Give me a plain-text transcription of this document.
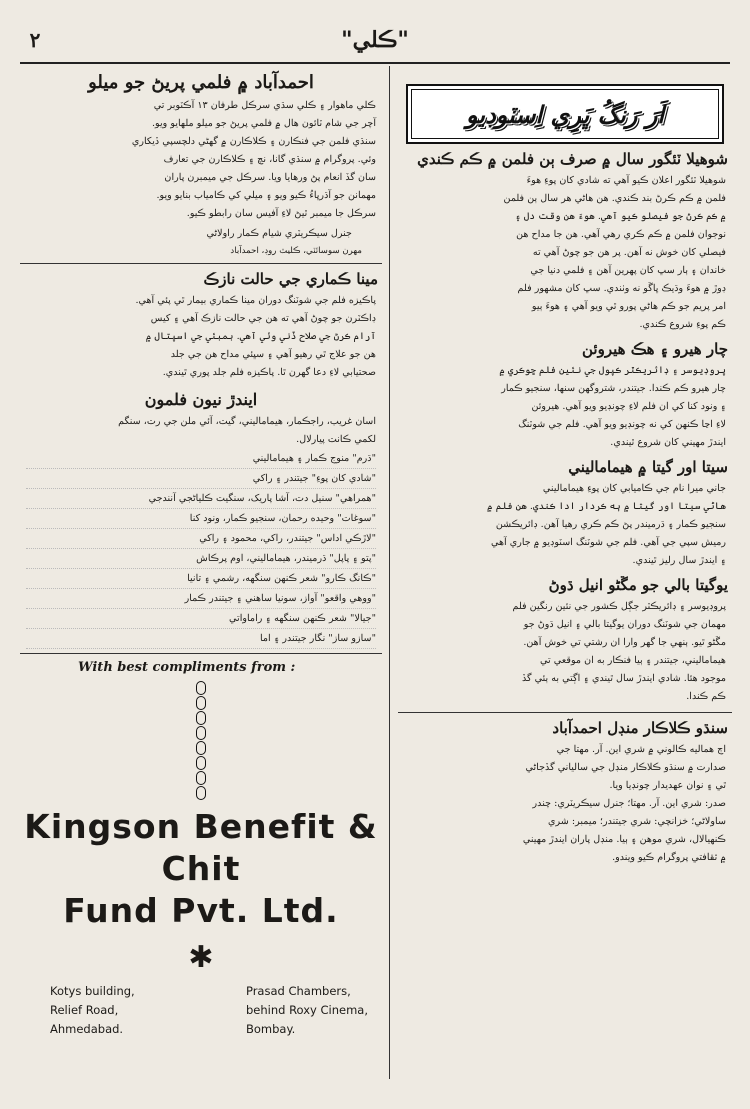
٢	"ڪلي"
اَرَ رَنگُ ڀَرِي اِسٽوڊيو
شوهيلا ٽئگور سال ۾ صرف ٻن فلمن ۾ ڪم ڪندي
شوهيلا ٽئگور اعلان ڪيو آهي ته شادي کان پوءِ هوءَ
فلمن ۾ ڪم ڪرڻ بند ڪندي. هن هاڻي هر سال ٻن فلمن
۾ ڪم ڪرڻ جو فيصلو ڪيو آهي. هوءَ هن وقت دل ۽
نوجوان فلمن ۾ ڪم ڪري رهي آهي. هن جا مداح هن
فيصلي کان خوش نه آهن. پر هن جو چوڻ آهي ته
خاندان ۽ ٻار سڀ کان پهرين آهن ۽ فلمي دنيا جي
ڊوڙ ۾ هوءَ وڌيڪ ڀاڱو نه وٺندي. سڀ کان مشهور فلم
امر پريم جو ڪم هاڻي پورو ٿي ويو آهي ۽ هوءَ ٻيو
ڪم پوءِ شروع ڪندي.
چار هيرو ۽ هڪ هيروئن
پروڊيوسر ۽ ڊائريڪٽر ڪپول جي نئين فلم ڇوڪري ۾
چار هيرو ڪم ڪندا. جيتندر، شتروگهن سنها، سنجيو ڪمار
۽ ونود کنا کي ان فلم لاءِ چونڊيو ويو آهي. هيروئن
لاءِ اڃا ڪنهن کي نه چونڊيو ويو آهي. فلم جي شوٽنگ
ايندڙ مهيني کان شروع ٿيندي.
سيتا اور گيتا ۾ هيماماليني
جاني ميرا نام جي ڪاميابي کان پوءِ هيماماليني
هاڻي سيتا اور گيتا ۾ ٻه ڪردار ادا ڪندي. هن فلم ۾
سنجيو ڪمار ۽ ڌرميندر پڻ ڪم ڪري رهيا آهن. ڊائريڪشن
رميش سپي جي آهي. فلم جي شوٽنگ اسٽوڊيو ۾ جاري آهي
۽ ايندڙ سال رليز ٿيندي.
يوگيتا بالي جو مڱڻو انيل ڌوڻ
پروڊيوسر ۽ ڊائريڪٽر جڳل ڪشور جي نئين رنگين فلم
مهمان جي شوٽنگ دوران يوگيتا بالي ۽ انيل ڌوڻ جو
مڱڻو ٿيو. ٻنهي جا گهر وارا ان رشتي تي خوش آهن.
هيماماليني، جيتندر ۽ ٻيا فنڪار به ان موقعي تي
موجود هئا. شادي ايندڙ سال ٿيندي ۽ اڳتي به ٻئي گڏ
ڪم ڪندا.
سنڌو ڪلاڪار منڊل احمدآباد
اڄ هماليه ڪالوني ۾ شري اين. آر. مهتا جي
صدارت ۾ سنڌو ڪلاڪار منڊل جي سالياني گڏجاڻي
ٿي ۽ نوان عهديدار چونڊيا ويا.
صدر: شري اين. آر. مهتا؛ جنرل سيڪريٽري: چندر
ساولاڻي؛ خزانچي: شري جيتندر؛ ميمبر: شري
ڪنهيالال، شري موهن ۽ ٻيا. منڊل پاران ايندڙ مهيني
۾ ثقافتي پروگرام ڪيو ويندو.
احمدآباد ۾ فلمي پريڻ جو ميلو
ڪلي ماهوار ۽ ڪلي سڌي سرڪل طرفان ١٣ آڪٽوبر تي
آچر جي شام ٽائون هال ۾ فلمي پريڻ جو ميلو ملهايو ويو.
سنڌي فلمن جي فنڪارن ۽ ڪلاڪارن ۾ گهڻي دلچسپي ڏيکاري
وئي. پروگرام ۾ سنڌي گانا، نچ ۽ ڪلاڪارن جي تعارف
سان گڏ انعام پڻ ورهايا ويا. سرڪل جي ميمبرن پاران
مهمانن جو آڌرڀاءُ ڪيو ويو ۽ ميلي کي ڪامياب بنايو ويو.
سرڪل جا ميمبر ٿيڻ لاءِ آفيس سان رابطو ڪيو.
جنرل سيڪريٽري شيام ڪمار راولاڻي
مهرن سوسائٽي، ڪليٽ روڊ، احمدآباد
مينا ڪماري جي حالت نازڪ
پاڪيزه فلم جي شوٽنگ دوران مينا ڪماري بيمار ٿي پئي آهي.
ڊاڪٽرن جو چوڻ آهي ته هن جي حالت نازڪ آهي ۽ کيس
آرام ڪرڻ جي صلاح ڏني وئي آهي. بمبئي جي اسپتال ۾
هن جو علاج ٿي رهيو آهي ۽ سڀئي مداح هن جي جلد
صحتيابي لاءِ دعا گهرن ٿا. پاڪيزه فلم جلد پوري ٿيندي.
ايندڙ نيون فلمون
اسان غريب، راجڪمار، هيماماليني، گيت، آئي ملن جي رت، سنگم
لکمي ڪانت پيارلال.
"ڌرم" منوج ڪمار ۽ هيماماليني
"شادي کان پوءِ" جيتندر ۽ راکي
"همراهي" سنيل دت، آشا پاريک، سنگيت ڪلياڻجي آنندجي
"سوغات" وحيده رحمان، سنجيو ڪمار، ونود کنا
"لاڙڪي اداس" جيتندر، راکي، محمود ۽ راکي
"پتو ۽ پاپل" ڌرميندر، هيماماليني، اوم پرڪاش
"ڪانگ ڪارو" شعر ڪنهن سنگهه، رشمي ۽ تانيا
"ووهي واقعو" آواز، سونيا ساهني ۽ جيتندر ڪمار
"جيالا" شعر ڪنهن سنگهه ۽ راماواتي
"سازو ساز" نگار جيتندر ۽ اما
With best compliments from :
Kingson Benefit & Chit
Fund Pvt. Ltd.
✱
Kotys building,
Relief Road,
Ahmedabad.
Prasad Chambers,
behind Roxy Cinema,
Bombay.
